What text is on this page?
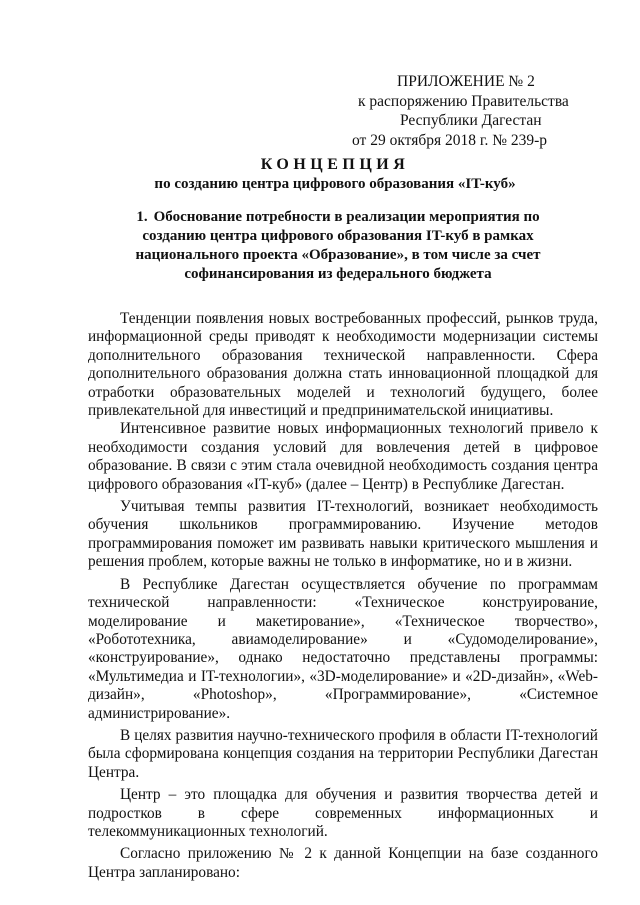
ПРИЛОЖЕНИЕ № 2
к распоряжению Правительства
Республики Дагестан
от 29 октября 2018 г. № 239-р
КОНЦЕПЦИЯ
по созданию центра цифрового образования «IT-куб»
1. Обоснование потребности в реализации мероприятия по созданию центра цифрового образования IT-куб в рамках национального проекта «Образование», в том числе за счет софинансирования из федерального бюджета

Тенденции появления новых востребованных профессий, рынков труда, информационной среды приводят к необходимости модернизации системы дополнительного образования технической направленности. Сфера дополнительного образования должна стать инновационной площадкой для отработки образовательных моделей и технологий будущего, более привлекательной для инвестиций и предпринимательской инициативы.

Интенсивное развитие новых информационных технологий привело к необходимости создания условий для вовлечения детей в цифровое образование. В связи с этим стала очевидной необходимость создания центра цифрового образования «IT-куб» (далее – Центр) в Республике Дагестан.

Учитывая темпы развития IT-технологий, возникает необходимость обучения школьников программированию. Изучение методов программирования поможет им развивать навыки критического мышления и решения проблем, которые важны не только в информатике, но и в жизни.

В Республике Дагестан осуществляется обучение по программам технической направленности: «Техническое конструирование, моделирование и макетирование», «Техническое творчество», «Робототехника, авиамоделирование» и «Судомоделирование», «конструирование», однако недостаточно представлены программы: «Мультимедиа и IT-технологии», «3D-моделирование» и «2D-дизайн», «Web-дизайн», «Photoshop», «Программирование», «Системное администрирование».

В целях развития научно-технического профиля в области IT-технологий была сформирована концепция создания на территории Республики Дагестан Центра.

Центр – это площадка для обучения и развития творчества детей и подростков в сфере современных информационных и телекоммуникационных технологий.

Согласно приложению № 2 к данной Концепции на базе созданного Центра запланировано:
